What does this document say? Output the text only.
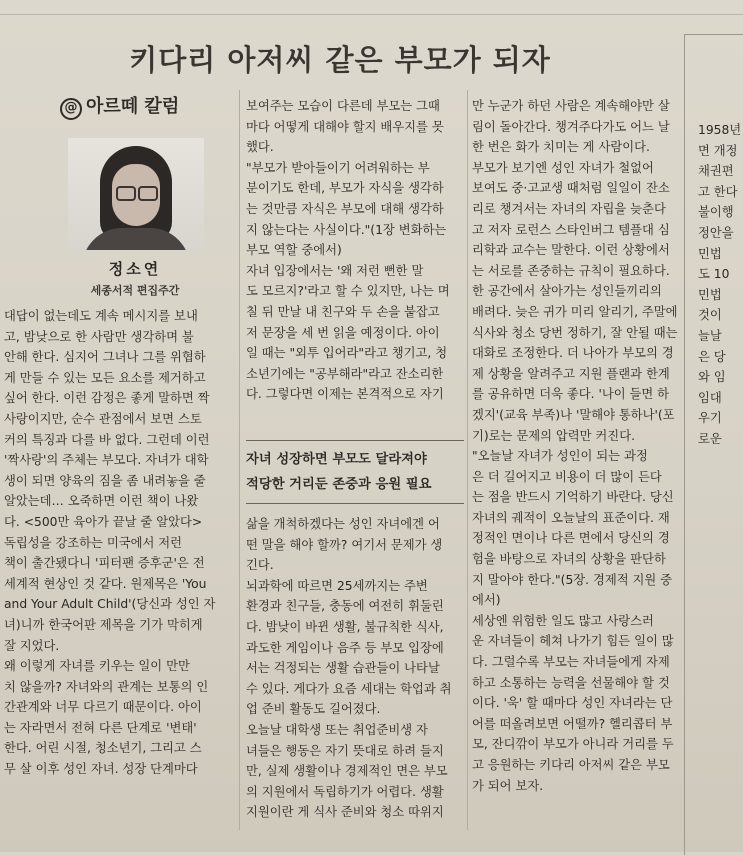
키다리 아저씨 같은 부모가 되자
@ 아르떼 칼럼
정소연
세종서적 편집주간

대답이 없는데도 계속 메시지를 보내

고, 밤낮으로 한 사람만 생각하며 불

안해 한다. 심지어 그녀나 그를 위협하

게 만들 수 있는 모든 요소를 제거하고

싶어 한다. 이런 감정은 좋게 말하면 짝

사랑이지만, 순수 관점에서 보면 스토

커의 특징과 다를 바 없다. 그런데 이런

'짝사랑'의 주체는 부모다. 자녀가 대학

생이 되면 양육의 짐을 좀 내려놓을 줄

알았는데… 오죽하면 이런 책이 나왔

다. <500만 육아가 끝날 줄 알았다>

독립성을 강조하는 미국에서 저런

책이 출간됐다니 '피터팬 증후군'은 전

세계적 현상인 것 같다. 원제목은 'You

and Your Adult Child'(당신과 성인 자

녀)니까 한국어판 제목을 기가 막히게

잘 지었다.

왜 이렇게 자녀를 키우는 일이 만만

치 않을까? 자녀와의 관계는 보통의 인

간관계와 너무 다르기 때문이다. 아이

는 자라면서 전혀 다른 단계로 '변태'

한다. 어린 시절, 청소년기, 그리고 스

무 살 이후 성인 자녀. 성장 단계마다

보여주는 모습이 다른데 부모는 그때

마다 어떻게 대해야 할지 배우지를 못

했다.

"부모가 받아들이기 어려워하는 부

분이기도 한데, 부모가 자식을 생각하

는 것만큼 자식은 부모에 대해 생각하

지 않는다는 사실이다."(1장 변화하는

부모 역할 중에서)

자녀 입장에서는 '왜 저런 뻔한 말

도 모르지?'라고 할 수 있지만, 나는 며

칠 뒤 만날 내 친구와 두 손을 붙잡고

저 문장을 세 번 읽을 예정이다. 아이

일 때는 "외투 입어라"라고 챙기고, 청

소년기에는 "공부해라"라고 잔소리한

다. 그렇다면 이제는 본격적으로 자기

자녀 성장하면 부모도 달라져야

적당한 거리둔 존중과 응원 필요

삶을 개척하겠다는 성인 자녀에겐 어

떤 말을 해야 할까? 여기서 문제가 생

긴다.

뇌과학에 따르면 25세까지는 주변

환경과 친구들, 충동에 여전히 휘둘린

다. 밤낮이 바뀐 생활, 불규칙한 식사,

과도한 게임이나 음주 등 부모 입장에

서는 걱정되는 생활 습관들이 나타날

수 있다. 게다가 요즘 세대는 학업과 취

업 준비 활동도 길어졌다.

오늘날 대학생 또는 취업준비생 자

녀들은 행동은 자기 뜻대로 하려 들지

만, 실제 생활이나 경제적인 면은 부모

의 지원에서 독립하기가 어렵다. 생활

지원이란 게 식사 준비와 청소 따위지

만 누군가 하던 사람은 계속해야만 살

림이 돌아간다. 챙겨주다가도 어느 날

한 번은 화가 치미는 게 사람이다.

부모가 보기엔 성인 자녀가 철없어

보여도 중·고교생 때처럼 일일이 잔소

리로 챙겨서는 자녀의 자립을 늦춘다

고 저자 로런스 스타인버그 템플대 심

리학과 교수는 말한다. 이런 상황에서

는 서로를 존중하는 규칙이 필요하다.

한 공간에서 살아가는 성인들끼리의

배려다. 늦은 귀가 미리 알리기, 주말에

식사와 청소 당번 정하기, 잘 안될 때는

대화로 조정한다. 더 나아가 부모의 경

제 상황을 알려주고 지원 플랜과 한계

를 공유하면 더욱 좋다. '나이 들면 하

겠지'(교육 부족)나 '말해야 통하나'(포

기)로는 문제의 압력만 커진다.

"오늘날 자녀가 성인이 되는 과정

은 더 길어지고 비용이 더 많이 든다

는 점을 반드시 기억하기 바란다. 당신

자녀의 궤적이 오늘날의 표준이다. 재

정적인 면이나 다른 면에서 당신의 경

험을 바탕으로 자녀의 상황을 판단하

지 말아야 한다."(5장. 경제적 지원 중

에서)

세상엔 위험한 일도 많고 사랑스러

운 자녀들이 헤쳐 나가기 힘든 일이 많

다. 그럴수록 부모는 자녀들에게 자제

하고 소통하는 능력을 선물해야 할 것

이다. '욱' 할 때마다 성인 자녀라는 단

어를 떠올려보면 어떨까? 헬리콥터 부

모, 잔디깎이 부모가 아니라 거리를 두

고 응원하는 키다리 아저씨 같은 부모

가 되어 보자.

1958년

면 개정

채권편

고 한다

불이행

정안을

민법

도 10

민법

것이

늘날

은 당

와 임

임대

우기

로운
